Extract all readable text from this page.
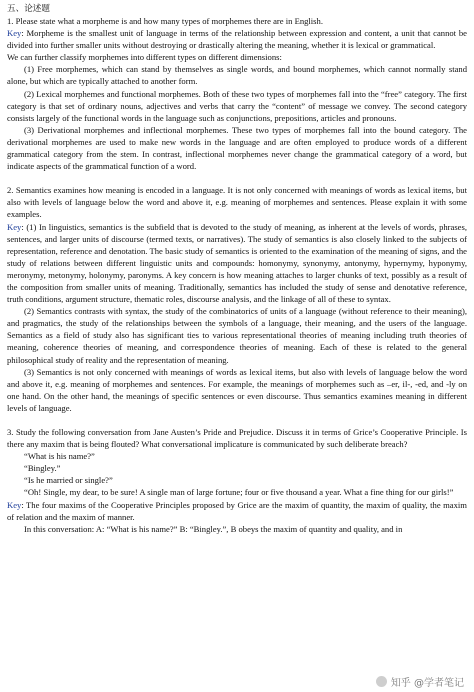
五、论述题

1. Please state what a morpheme is and how many types of morphemes there are in English.

Key: Morpheme is the smallest unit of language in terms of the relationship between expression and content, a unit that cannot be divided into further smaller units without destroying or drastically altering the meaning, whether it is lexical or grammatical.

We can further classify morphemes into different types on different dimensions:

(1) Free morphemes, which can stand by themselves as single words, and bound morphemes, which cannot normally stand alone, but which are typically attached to another form.

(2) Lexical morphemes and functional morphemes. Both of these two types of morphemes fall into the “free” category. The first category is that set of ordinary nouns, adjectives and verbs that carry the “content” of message we convey. The second category consists largely of the functional words in the language such as conjunctions, prepositions, articles and pronouns.

(3) Derivational morphemes and inflectional morphemes. These two types of morphemes fall into the bound category. The derivational morphemes are used to make new words in the language and are often employed to produce words of a different grammatical category from the stem. In contrast, inflectional morphemes never change the grammatical category of a word, but indicate aspects of the grammatical function of a word.

2. Semantics examines how meaning is encoded in a language. It is not only concerned with meanings of words as lexical items, but also with levels of language below the word and above it, e.g. meaning of morphemes and sentences. Please explain it with some examples.

Key: (1) In linguistics, semantics is the subfield that is devoted to the study of meaning, as inherent at the levels of words, phrases, sentences, and larger units of discourse (termed texts, or narratives). The study of semantics is also closely linked to the subjects of representation, reference and denotation. The basic study of semantics is oriented to the examination of the meaning of signs, and the study of relations between different linguistic units and compounds: homonymy, synonymy, antonymy, hypernymy, hyponymy, meronymy, metonymy, holonymy, paronyms. A key concern is how meaning attaches to larger chunks of text, possibly as a result of the composition from smaller units of meaning. Traditionally, semantics has included the study of sense and denotative reference, truth conditions, argument structure, thematic roles, discourse analysis, and the linkage of all of these to syntax.

(2) Semantics contrasts with syntax, the study of the combinatorics of units of a language (without reference to their meaning), and pragmatics, the study of the relationships between the symbols of a language, their meaning, and the users of the language. Semantics as a field of study also has significant ties to various representational theories of meaning including truth theories of meaning, coherence theories of meaning, and correspondence theories of meaning. Each of these is related to the general philosophical study of reality and the representation of meaning.

(3) Semantics is not only concerned with meanings of words as lexical items, but also with levels of language below the word and above it, e.g. meaning of morphemes and sentences. For example, the meanings of morphemes such as –er, il-, -ed, and -ly on one hand. On the other hand, the meanings of specific sentences or even discourse. Thus semantics examines meaning in different levels of language.

3. Study the following conversation from Jane Austen’s Pride and Prejudice. Discuss it in terms of Grice’s Cooperative Principle. Is there any maxim that is being flouted? What conversational implicature is communicated by such deliberate breach?

“What is his name?”

“Bingley.”

“Is he married or single?”

“Oh! Single, my dear, to be sure! A single man of large fortune; four or five thousand a year. What a fine thing for our girls!”

Key: The four maxims of the Cooperative Principles proposed by Grice are the maxim of quantity, the maxim of quality, the maxim of relation and the maxim of manner.

In this conversation: A: “What is his name?” B: “Bingley.”, B obeys the maxim of quantity and quality, and in

知乎 @学者笔记
